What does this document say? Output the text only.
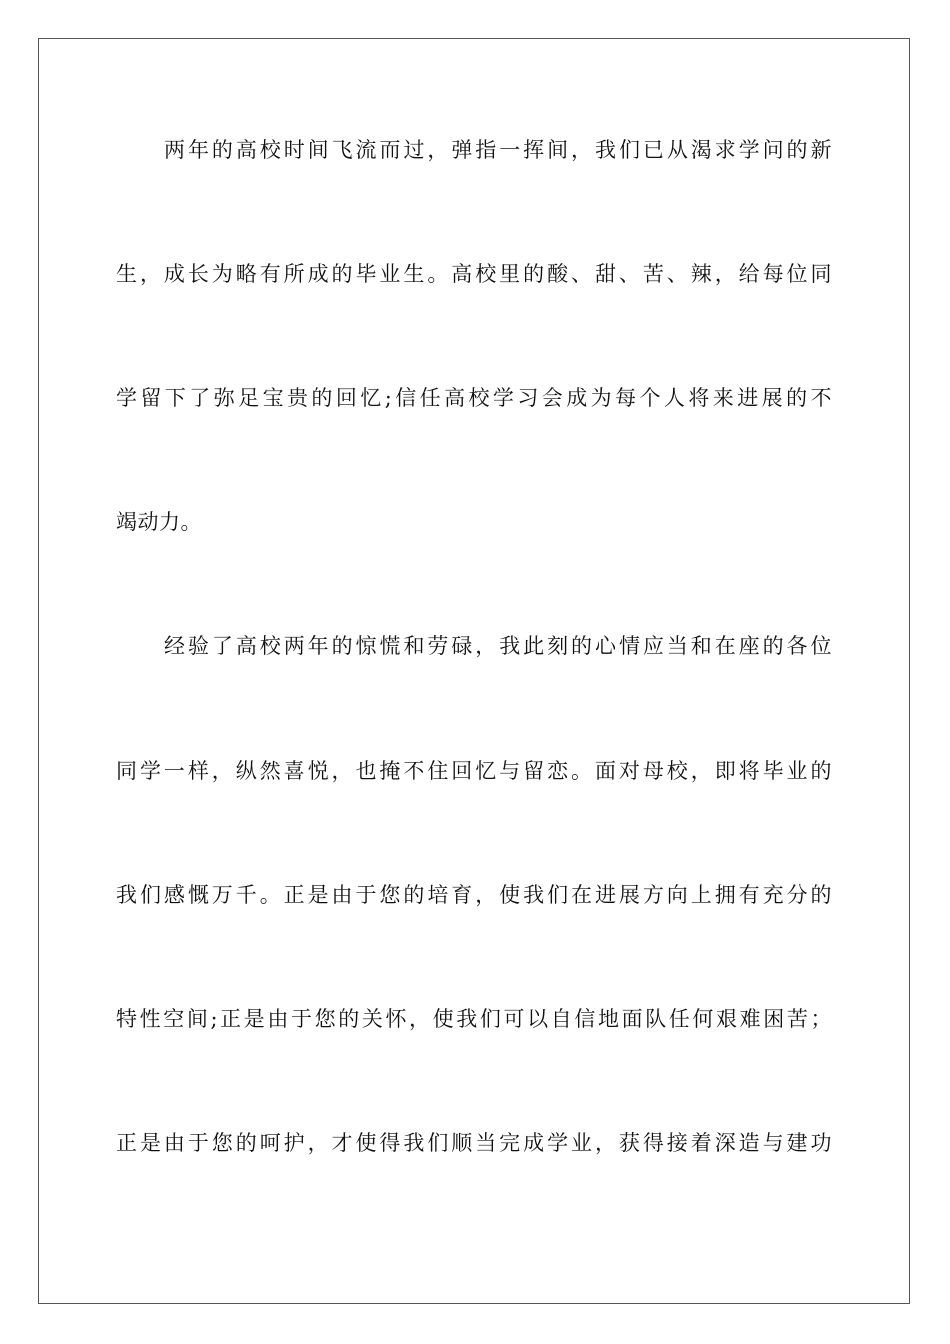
两年的高校时间飞流而过，弹指一挥间，我们已从渴求学问的新
生，成长为略有所成的毕业生。高校里的酸、甜、苦、辣，给每位同
学留下了弥足宝贵的回忆;信任高校学习会成为每个人将来进展的不
竭动力。
经验了高校两年的惊慌和劳碌，我此刻的心情应当和在座的各位
同学一样，纵然喜悦，也掩不住回忆与留恋。面对母校，即将毕业的
我们感慨万千。正是由于您的培育，使我们在进展方向上拥有充分的
特性空间;正是由于您的关怀，使我们可以自信地面队任何艰难困苦；
正是由于您的呵护，才使得我们顺当完成学业，获得接着深造与建功
